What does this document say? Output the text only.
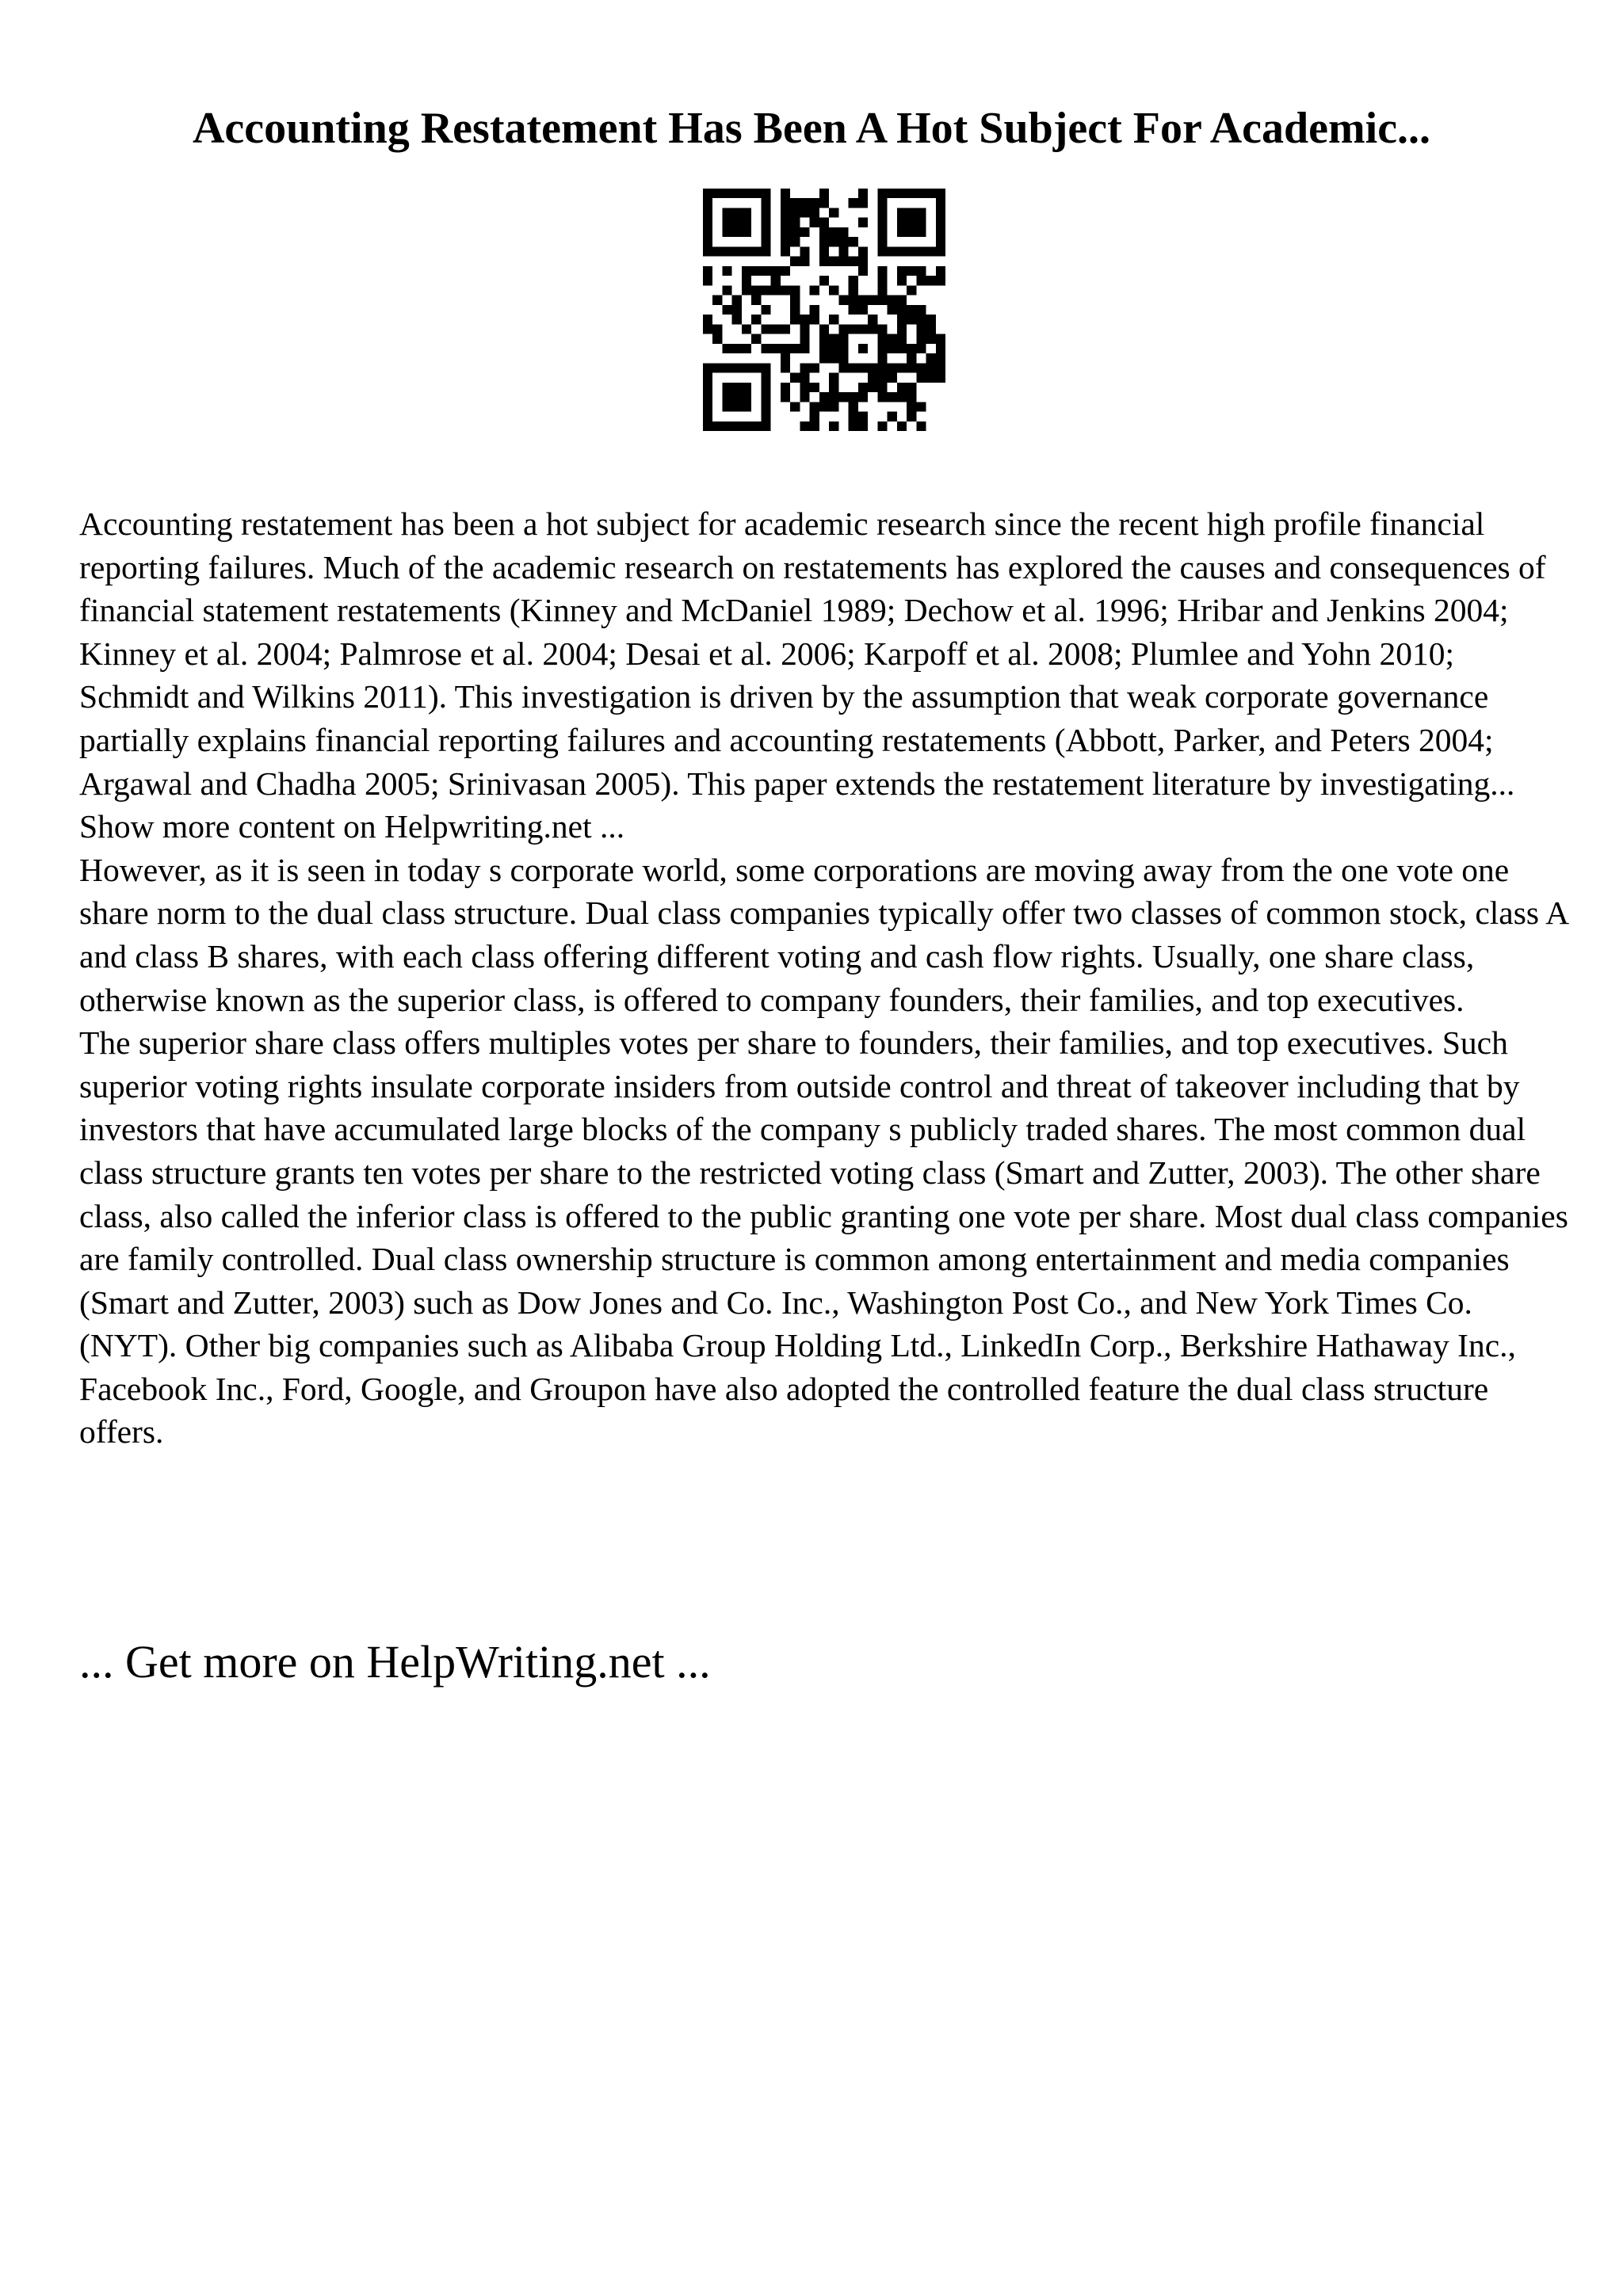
Accounting Restatement Has Been A Hot Subject For Academic...

Accounting restatement has been a hot subject for academic research since the recent high profile financial reporting failures. Much of the academic research on restatements has explored the causes and consequences of financial statement restatements (Kinney and McDaniel 1989; Dechow et al. 1996; Hribar and Jenkins 2004; Kinney et al. 2004; Palmrose et al. 2004; Desai et al. 2006; Karpoff et al. 2008; Plumlee and Yohn 2010; Schmidt and Wilkins 2011). This investigation is driven by the assumption that weak corporate governance partially explains financial reporting failures and accounting restatements (Abbott, Parker, and Peters 2004; Argawal and Chadha 2005; Srinivasan 2005). This paper extends the restatement literature by investigating...

Show more content on Helpwriting.net ...

However, as it is seen in today s corporate world, some corporations are moving away from the one vote one share norm to the dual class structure. Dual class companies typically offer two classes of common stock, class A and class B shares, with each class offering different voting and cash flow rights. Usually, one share class, otherwise known as the superior class, is offered to company founders, their families, and top executives.

The superior share class offers multiples votes per share to founders, their families, and top executives. Such superior voting rights insulate corporate insiders from outside control and threat of takeover including that by investors that have accumulated large blocks of the company s publicly traded shares. The most common dual class structure grants ten votes per share to the restricted voting class (Smart and Zutter, 2003). The other share class, also called the inferior class is offered to the public granting one vote per share. Most dual class companies are family controlled. Dual class ownership structure is common among entertainment and media companies (Smart and Zutter, 2003) such as Dow Jones and Co. Inc., Washington Post Co., and New York Times Co. (NYT). Other big companies such as Alibaba Group Holding Ltd., LinkedIn Corp., Berkshire Hathaway Inc., Facebook Inc., Ford, Google, and Groupon have also adopted the controlled feature the dual class structure offers.

... Get more on HelpWriting.net ...
